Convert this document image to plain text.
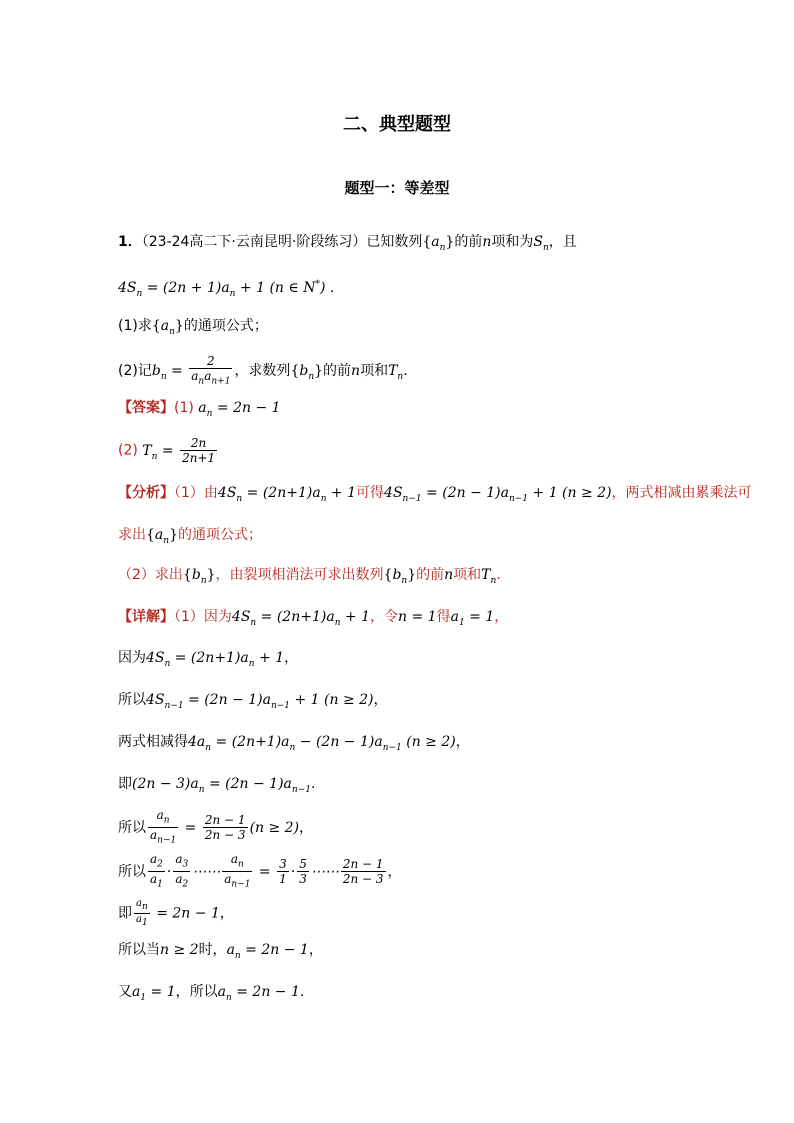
二、典型题型
题型一：等差型
1．（23-24高二下·云南昆明·阶段练习）已知数列$\{a_n\}$的前n项和为$S_n$，且
$4S_n = (2n + 1)a_n + 1$ (n ∈ N*) .
(1)求$\{a_n\}$的通项公式；
(2)记$b_n = \frac{2}{a_na_{n+1}}$ ，求数列$\{b_n\}$的前n项和$T_n$.
【答案】(1) $a_n = 2n - 1$
(2) $T_n = \frac{2n}{2n+1}$
【分析】（1）由$4S_n = (2n+1)a_n + 1$可得$4S_{n-1} = (2n - 1)a_{n-1} + 1$ (n ≥ 2)，两式相减由累乘法可
求出$\{a_n\}$的通项公式；
（2）求出$\{b_n\}$，由裂项相消法可求出数列$\{b_n\}$的前n项和$T_n$.
【详解】（1）因为$4S_n = (2n+1)a_n + 1$，令n = 1得$a_1 = 1$，
因为$4S_n = (2n+1)a_n + 1$，
所以$4S_{n-1} = (2n - 1)a_{n-1} + 1$ (n ≥ 2)，
两式相减得$4a_n = (2n+1)a_n - (2n - 1)a_{n-1}$ (n ≥ 2)，
即$(2n - 3)a_n = (2n - 1)a_{n-1}$.
所以 $\frac{a_n}{a_{n-1}} = \frac{2n - 1}{2n - 3} (n \ge 2)$，
所以 $\frac{a_2}{a_1} \cdot \frac{a_3}{a_2}$ ⋯⋯ $\frac{a_n}{a_{n-1}} = \frac{3}{1} \cdot \frac{5}{3}$ ⋯⋯ $\frac{2n - 1}{2n - 3}$ ，
即 $\frac{a_n}{a_1} = 2n - 1$，
所以当n ≥ 2时，$a_n = 2n - 1$，
又$a_1 = 1$，所以$a_n = 2n - 1$.
